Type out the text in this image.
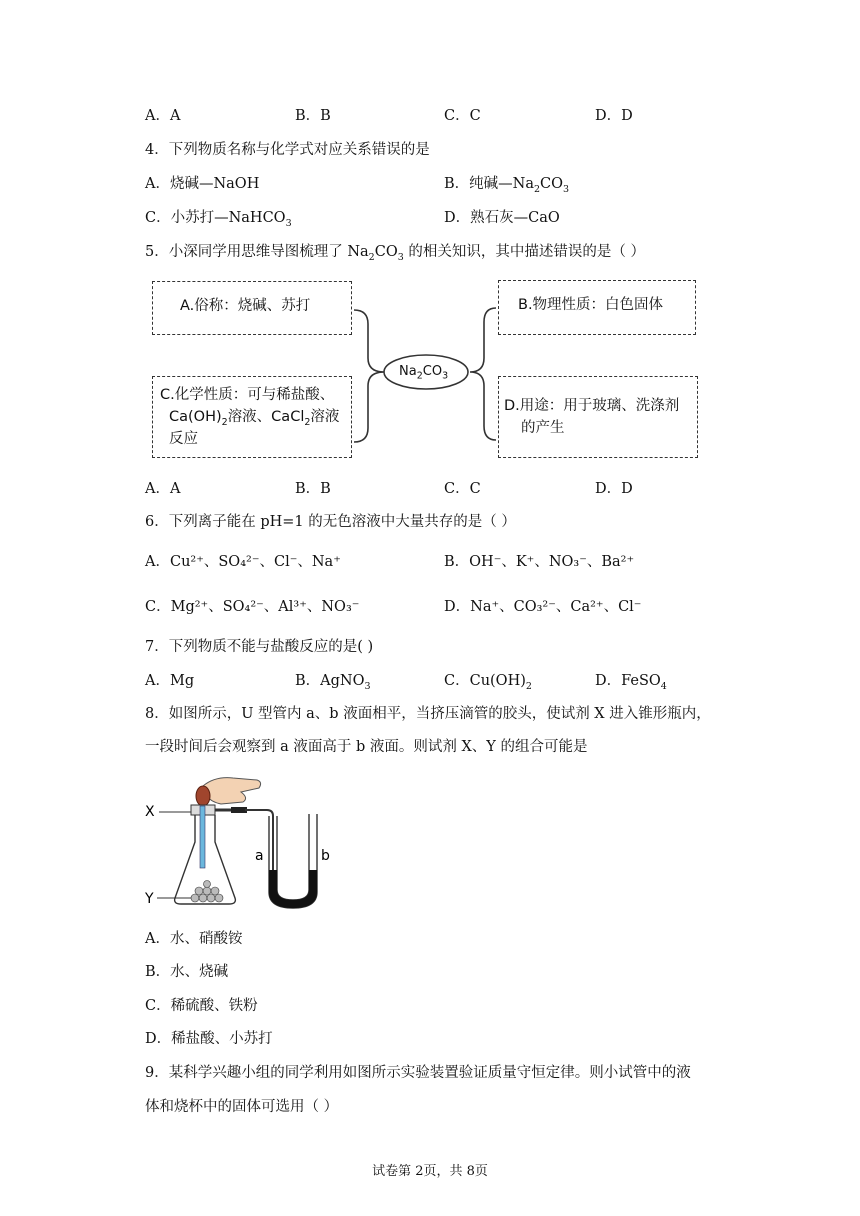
A．A	B．B	C．C	D．D
4．下列物质名称与化学式对应关系错误的是
A．烧碱—NaOH	B．纯碱$—Na_2CO_3$
C．小苏打—NaHCO$_3$	D．熟石灰—CaO
5．小深同学用思维导图梳理了 $Na_2CO_3$ 的相关知识，其中描述错误的是（ ）
A.俗称：烧碱、苏打	B.物理性质：白色固体
C.化学性质：可与稀盐酸、
$Ca(OH)_2$溶液、CaCl$_2$溶液
反应
D.用途：用于玻璃、洗涤剂
的产生
$Na_2CO_3$
A．A	B．B	C．C	D．D
6．下列离子能在 pH=1 的无色溶液中大量共存的是（ ）
A．Cu²⁺、SO₄²⁻、Cl⁻、Na⁺	B．OH⁻、K⁺、NO₃⁻、Ba²⁺
C．Mg²⁺、SO₄²⁻、Al³⁺、NO₃⁻	D．Na⁺、CO₃²⁻、Ca²⁺、Cl⁻
7．下列物质不能与盐酸反应的是( )
A．Mg	B．AgNO$_3$	C．$Cu(OH)_2$	D．FeSO$_4$
8．如图所示，U 型管内 a、b 液面相平，当挤压滴管的胶头，使试剂 X 进入锥形瓶内，
一段时间后会观察到 a 液面高于 b 液面。则试剂 X、Y 的组合可能是
X
Y
a	b
A．水、硝酸铵
B．水、烧碱
C．稀硫酸、铁粉
D．稀盐酸、小苏打
9．某科学兴趣小组的同学利用如图所示实验装置验证质量守恒定律。则小试管中的液
体和烧杯中的固体可选用（ ）
试卷第 2页，共 8页
